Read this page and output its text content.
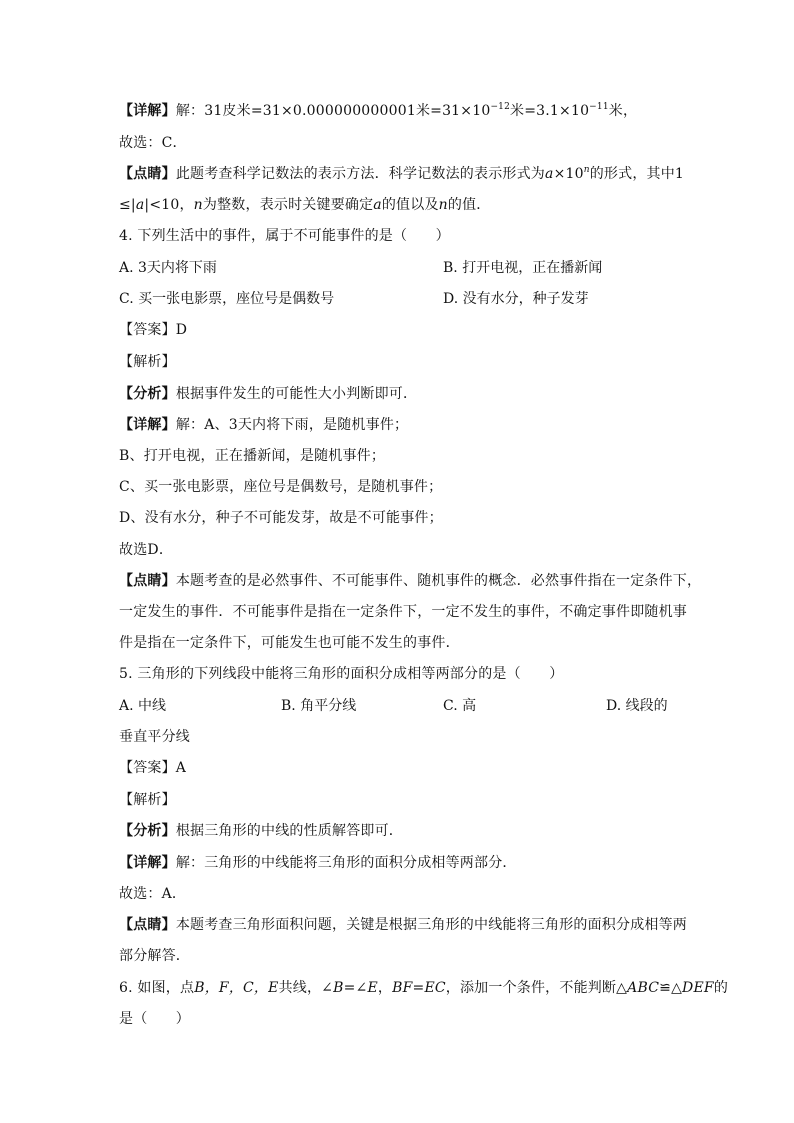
【详解】解：31皮米=31×0.000000000001米$=31\times 10^{-12}$米$=3.1\times 10^{-11}$米，
故选：C．
【点睛】此题考查科学记数法的表示方法．科学记数法的表示形式为$a\times 10^n$的形式，其中1
≤|a|<10，n为整数，表示时关键要确定a的值以及n的值．
4. 下列生活中的事件，属于不可能事件的是（　　）
A. 3天内将下雨	B. 打开电视，正在播新闻
C. 买一张电影票，座位号是偶数号	D. 没有水分，种子发芽
【答案】D
【解析】
【分析】根据事件发生的可能性大小判断即可．
【详解】解：A、3天内将下雨，是随机事件；
B、打开电视，正在播新闻，是随机事件；
C、买一张电影票，座位号是偶数号，是随机事件；
D、没有水分，种子不可能发芽，故是不可能事件；
故选D．
【点睛】本题考查的是必然事件、不可能事件、随机事件的概念．必然事件指在一定条件下，
一定发生的事件．不可能事件是指在一定条件下，一定不发生的事件，不确定事件即随机事
件是指在一定条件下，可能发生也可能不发生的事件．
5. 三角形的下列线段中能将三角形的面积分成相等两部分的是（　　）
A. 中线	B. 角平分线	C. 高	D. 线段的
垂直平分线
【答案】A
【解析】
【分析】根据三角形的中线的性质解答即可．
【详解】解：三角形的中线能将三角形的面积分成相等两部分．
故选：A．
【点睛】本题考查三角形面积问题，关键是根据三角形的中线能将三角形的面积分成相等两
部分解答．
6. 如图，点B，F，C，E共线，∠B=∠E，BF=EC，添加一个条件，不能判断△ABC≌△DEF的
是（　　）
